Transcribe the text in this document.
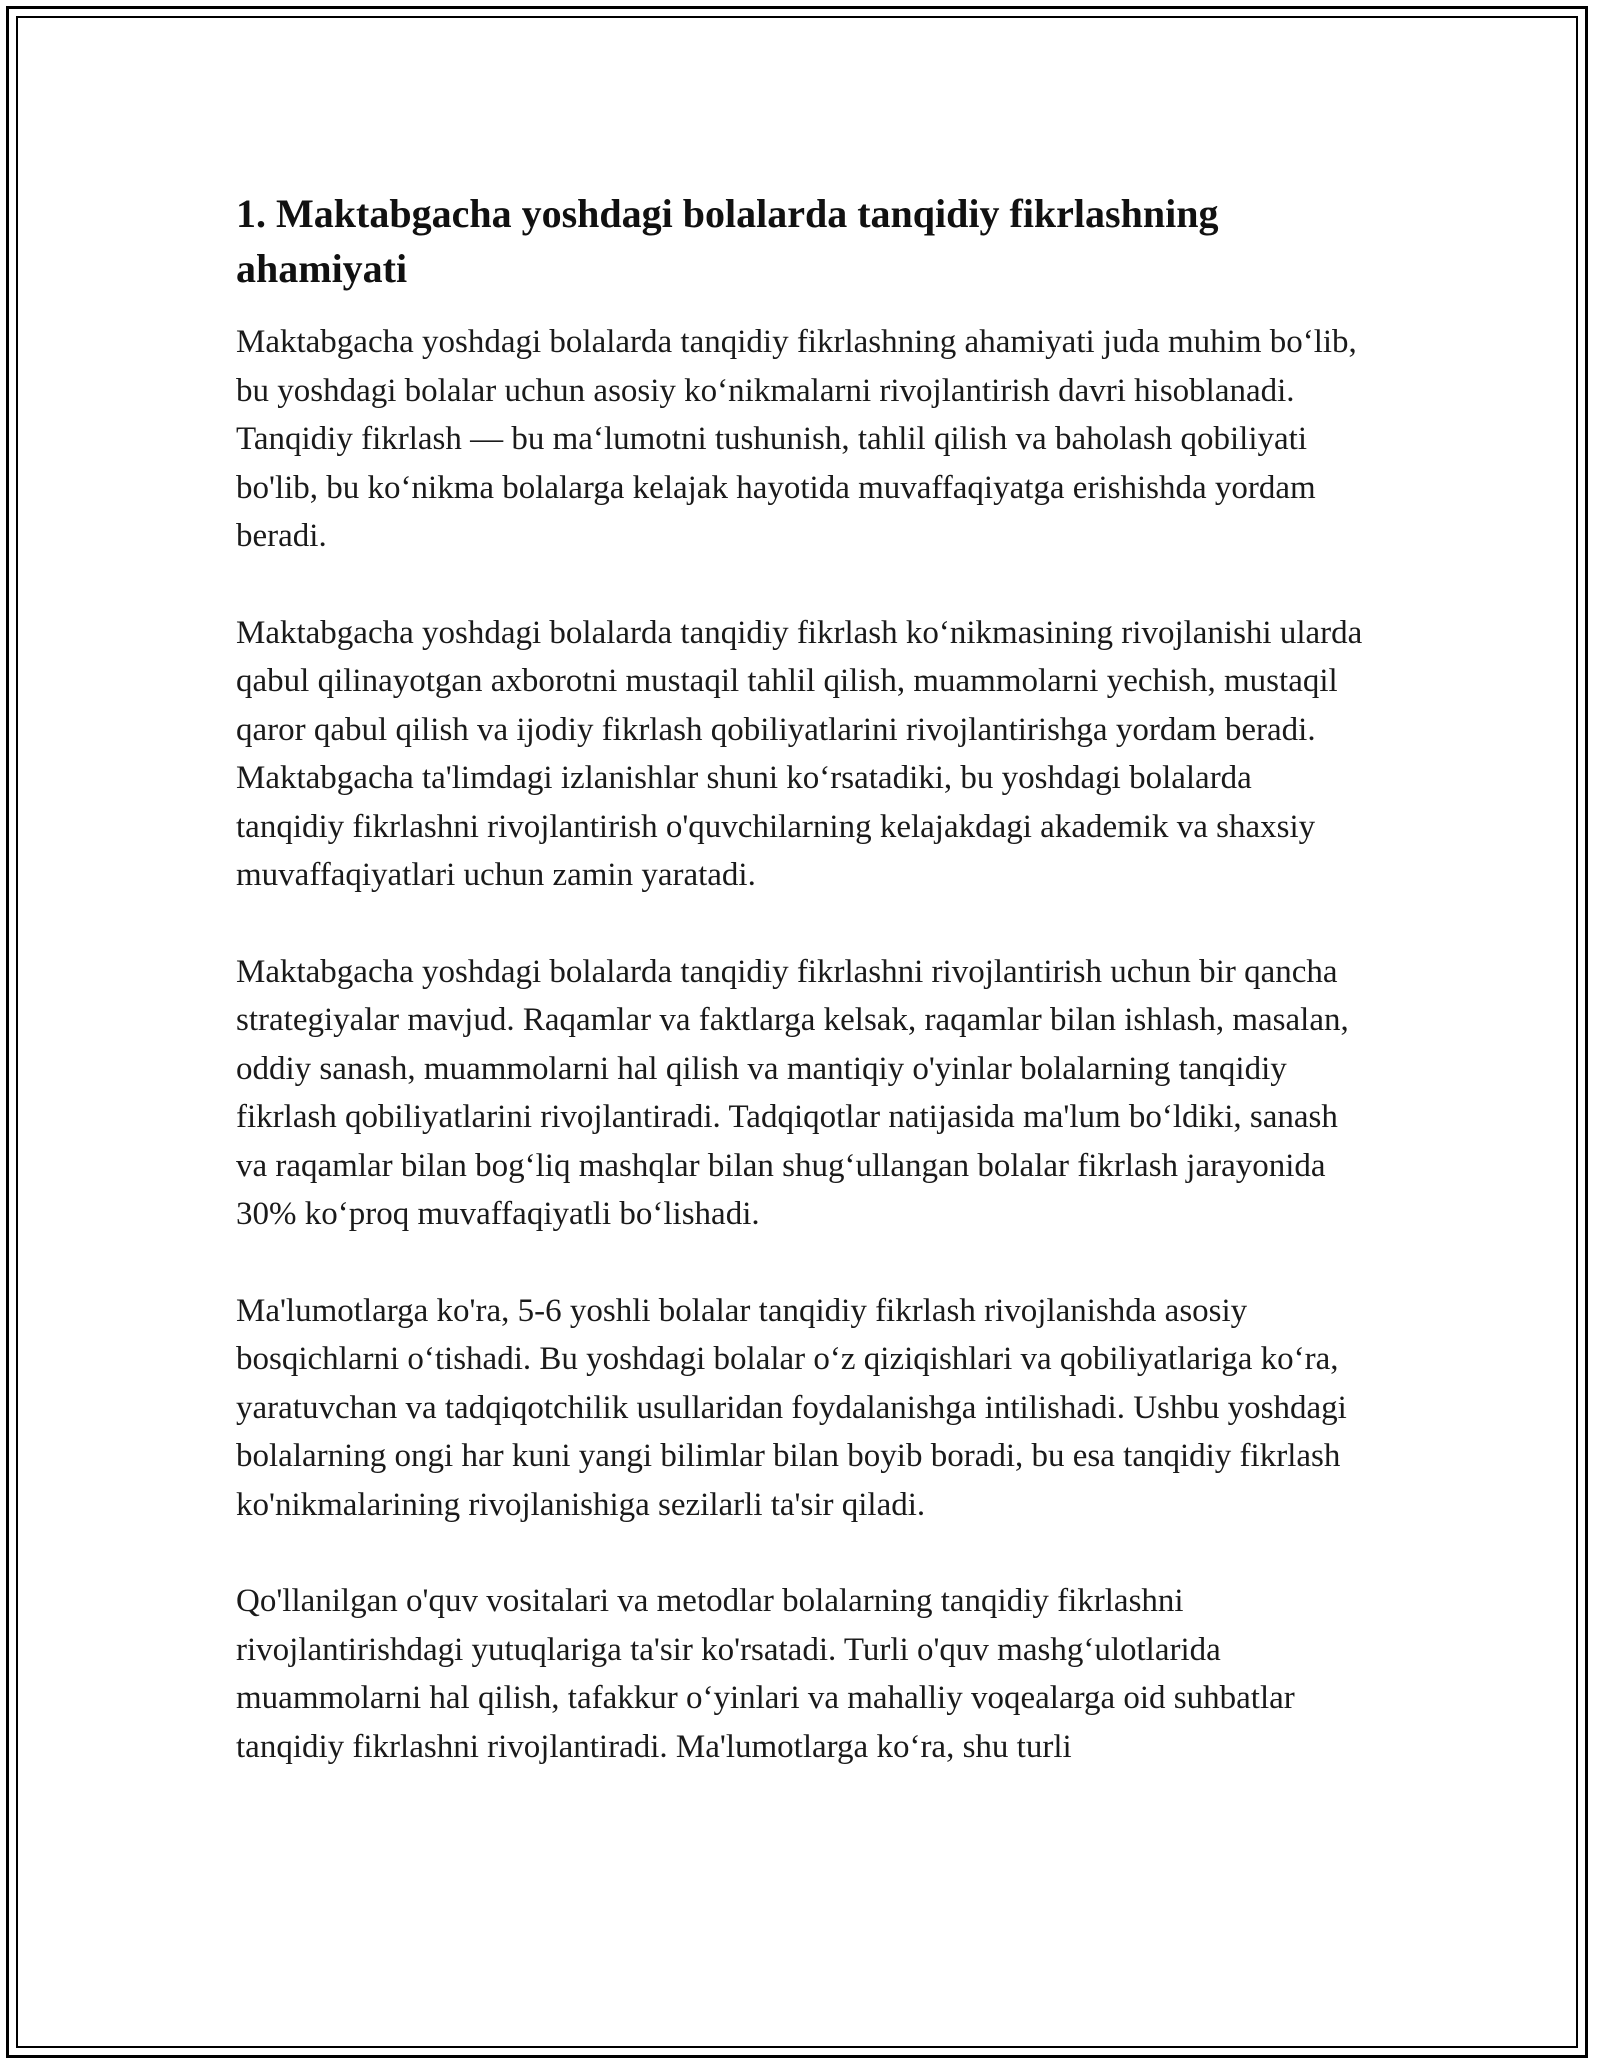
1. Maktabgacha yoshdagi bolalarda tanqidiy fikrlashning ahamiyati

Maktabgacha yoshdagi bolalarda tanqidiy fikrlashning ahamiyati juda muhim bo‘lib, bu yoshdagi bolalar uchun asosiy ko‘nikmalarni rivojlantirish davri hisoblanadi. Tanqidiy fikrlash — bu ma‘lumotni tushunish, tahlil qilish va baholash qobiliyati bo'lib, bu ko‘nikma bolalarga kelajak hayotida muvaffaqiyatga erishishda yordam beradi.

Maktabgacha yoshdagi bolalarda tanqidiy fikrlash ko‘nikmasining rivojlanishi ularda qabul qilinayotgan axborotni mustaqil tahlil qilish, muammolarni yechish, mustaqil qaror qabul qilish va ijodiy fikrlash qobiliyatlarini rivojlantirishga yordam beradi. Maktabgacha ta'limdagi izlanishlar shuni ko‘rsatadiki, bu yoshdagi bolalarda tanqidiy fikrlashni rivojlantirish o'quvchilarning kelajakdagi akademik va shaxsiy muvaffaqiyatlari uchun zamin yaratadi.

Maktabgacha yoshdagi bolalarda tanqidiy fikrlashni rivojlantirish uchun bir qancha strategiyalar mavjud. Raqamlar va faktlarga kelsak, raqamlar bilan ishlash, masalan, oddiy sanash, muammolarni hal qilish va mantiqiy o'yinlar bolalarning tanqidiy fikrlash qobiliyatlarini rivojlantiradi. Tadqiqotlar natijasida ma'lum bo‘ldiki, sanash va raqamlar bilan bog‘liq mashqlar bilan shug‘ullangan bolalar fikrlash jarayonida 30% ko‘proq muvaffaqiyatli bo‘lishadi.

Ma'lumotlarga ko'ra, 5-6 yoshli bolalar tanqidiy fikrlash rivojlanishda asosiy bosqichlarni o‘tishadi. Bu yoshdagi bolalar o‘z qiziqishlari va qobiliyatlariga ko‘ra, yaratuvchan va tadqiqotchilik usullaridan foydalanishga intilishadi. Ushbu yoshdagi bolalarning ongi har kuni yangi bilimlar bilan boyib boradi, bu esa tanqidiy fikrlash ko'nikmalarining rivojlanishiga sezilarli ta'sir qiladi.

Qo'llanilgan o'quv vositalari va metodlar bolalarning tanqidiy fikrlashni rivojlantirishdagi yutuqlariga ta'sir ko'rsatadi. Turli o'quv mashg‘ulotlarida muammolarni hal qilish, tafakkur o‘yinlari va mahalliy voqealarga oid suhbatlar tanqidiy fikrlashni rivojlantiradi. Ma'lumotlarga ko‘ra, shu turli
